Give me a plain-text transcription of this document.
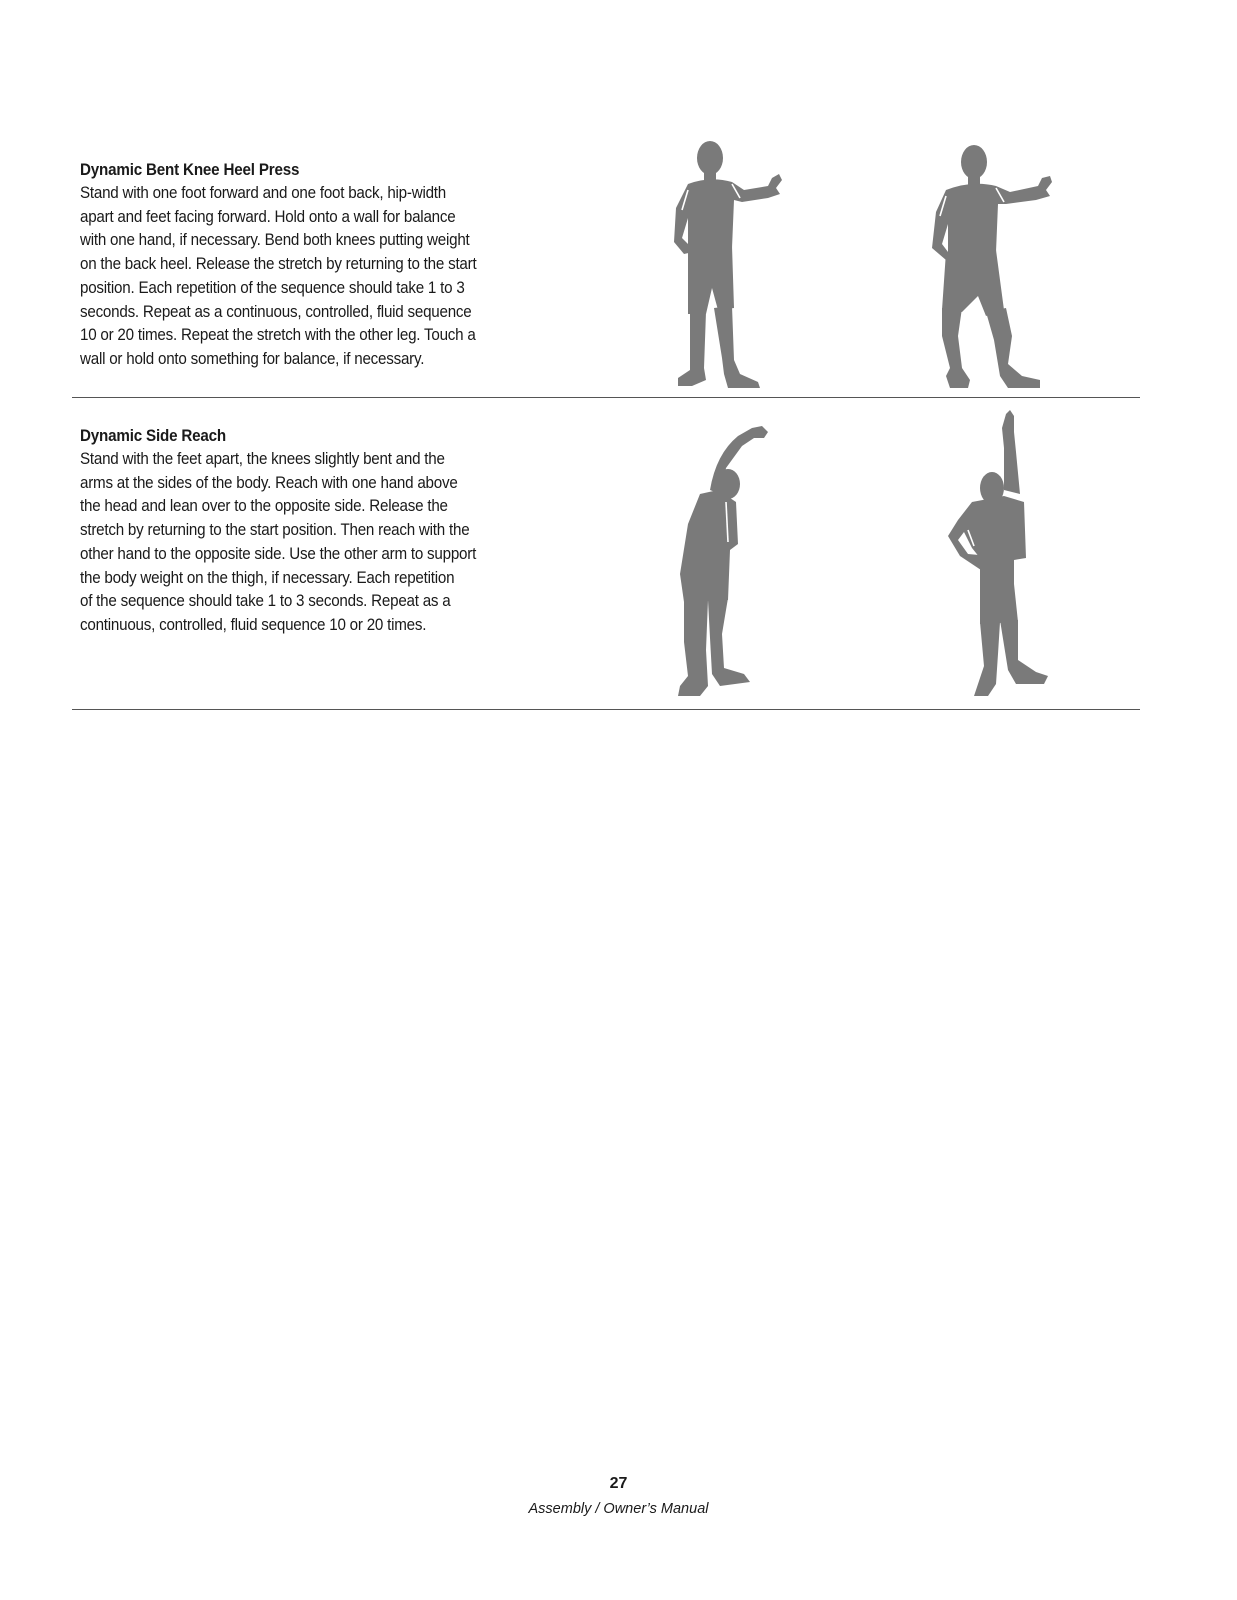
Dynamic Bent Knee Heel Press

Stand with one foot forward and one foot back, hip-width
apart and feet facing forward. Hold onto a wall for balance
with one hand, if necessary. Bend both knees putting weight
on the back heel. Release the stretch by returning to the start
position. Each repetition of the sequence should take 1 to 3
seconds. Repeat as a continuous, controlled, fluid sequence
10 or 20 times. Repeat the stretch with the other leg. Touch a
wall or hold onto something for balance, if necessary.

Dynamic Side Reach

Stand with the feet apart, the knees slightly bent and the
arms at the sides of the body. Reach with one hand above
the head and lean over to the opposite side. Release the
stretch by returning to the start position. Then reach with the
other hand to the opposite side. Use the other arm to support
the body weight on the thigh, if necessary. Each repetition
of the sequence should take 1 to 3 seconds. Repeat as a
continuous, controlled, fluid sequence 10 or 20 times.

27
Assembly / Owner’s Manual
